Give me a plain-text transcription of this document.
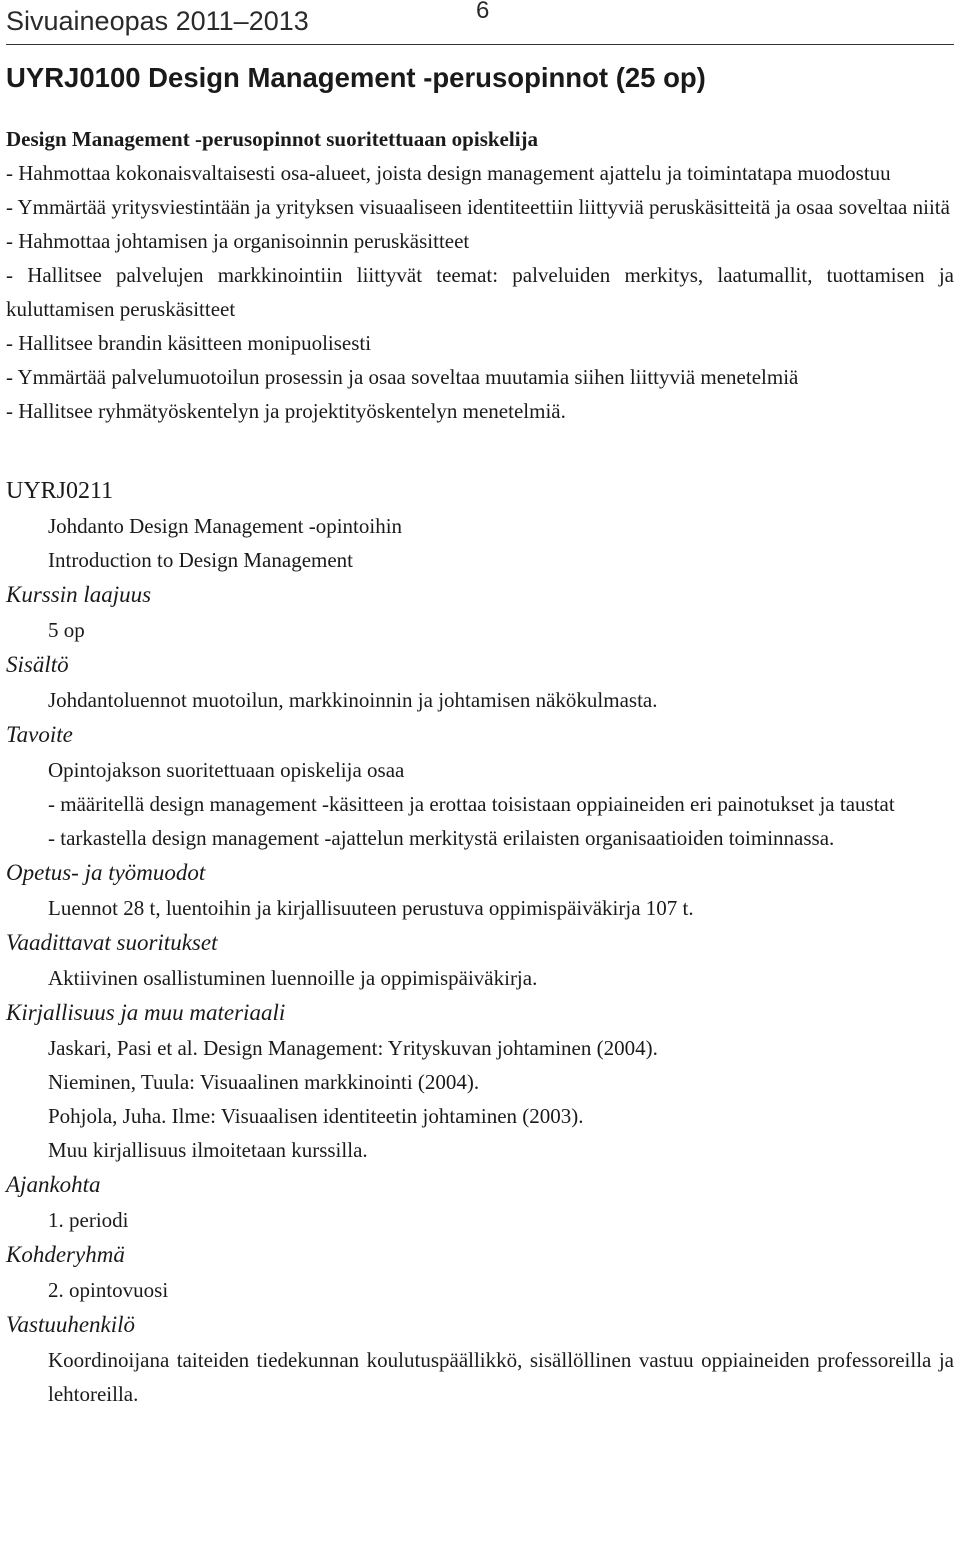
Sivuaineopas 2011–2013	6
UYRJ0100 Design Management -perusopinnot (25 op)
Design Management -perusopinnot suoritettuaan opiskelija
- Hahmottaa kokonaisvaltaisesti osa-alueet, joista design management ajattelu ja toimintatapa muodostuu
- Ymmärtää yritysviestintään ja yrityksen visuaaliseen identiteettiin liittyviä peruskäsitteitä ja osaa soveltaa niitä
- Hahmottaa johtamisen ja organisoinnin peruskäsitteet
- Hallitsee palvelujen markkinointiin liittyvät teemat: palveluiden merkitys, laatumallit, tuottamisen ja kuluttamisen peruskäsitteet
- Hallitsee brandin käsitteen monipuolisesti
- Ymmärtää palvelumuotoilun prosessin ja osaa soveltaa muutamia siihen liittyviä menetelmiä
- Hallitsee ryhmätyöskentelyn ja projektityöskentelyn menetelmiä.
UYRJ0211
Johdanto Design Management -opintoihin
Introduction to Design Management
Kurssin laajuus
5 op
Sisältö
Johdantoluennot muotoilun, markkinoinnin ja johtamisen näkökulmasta.
Tavoite
Opintojakson suoritettuaan opiskelija osaa
- määritellä design management -käsitteen ja erottaa toisistaan oppiaineiden eri painotukset ja taustat
- tarkastella design management -ajattelun merkitystä erilaisten organisaatioiden toiminnassa.
Opetus- ja työmuodot
Luennot 28 t, luentoihin ja kirjallisuuteen perustuva oppimispäiväkirja 107 t.
Vaadittavat suoritukset
Aktiivinen osallistuminen luennoille ja oppimispäiväkirja.
Kirjallisuus ja muu materiaali
Jaskari, Pasi et al. Design Management: Yrityskuvan johtaminen (2004).
Nieminen, Tuula: Visuaalinen markkinointi (2004).
Pohjola, Juha. Ilme: Visuaalisen identiteetin johtaminen (2003).
Muu kirjallisuus ilmoitetaan kurssilla.
Ajankohta
1. periodi
Kohderyhmä
2. opintovuosi
Vastuuhenkilö
Koordinoijana taiteiden tiedekunnan koulutuspäällikkö, sisällöllinen vastuu oppiaineiden professoreilla ja lehtoreilla.
